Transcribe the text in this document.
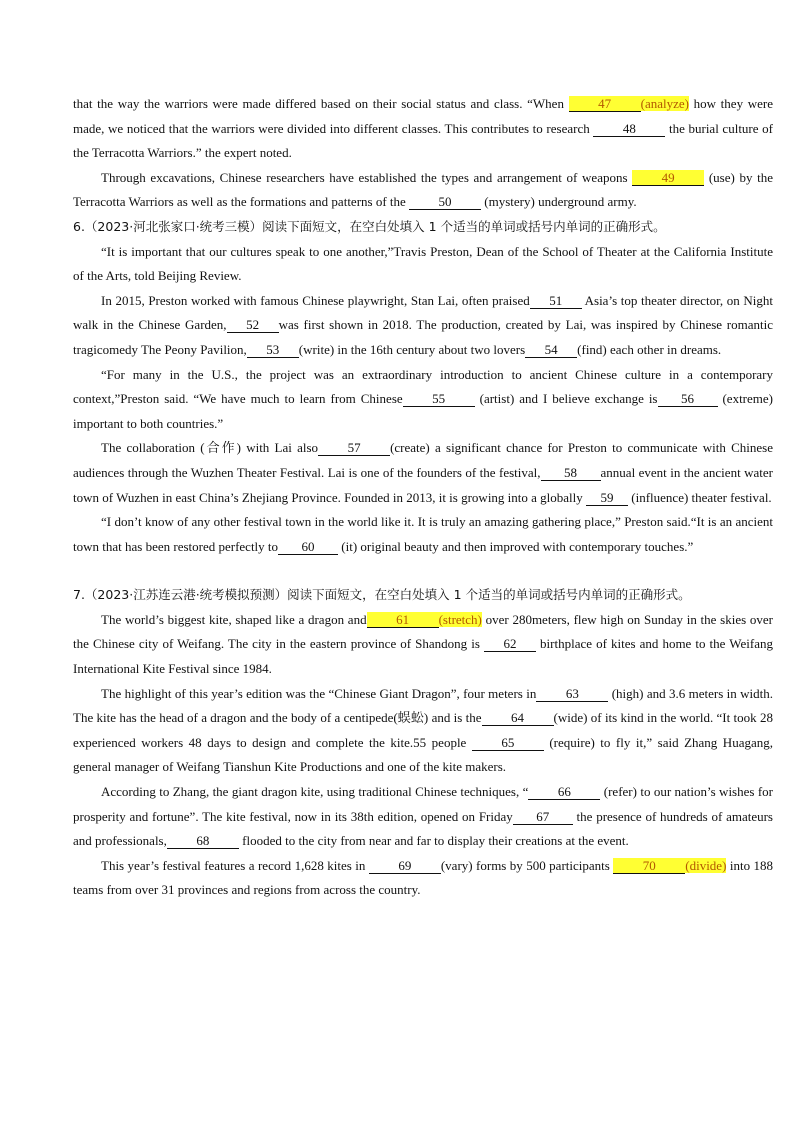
that the way the warriors were made differed based on their social status and class. “When 47 (analyze) how they were made, we noticed that the warriors were divided into different classes. This contributes to research 48 the burial culture of the Terracotta Warriors.” the expert noted.

Through excavations, Chinese researchers have established the types and arrangement of weapons 49 (use) by the Terracotta Warriors as well as the formations and patterns of the 50 (mystery) underground army.

6.（2023·河北张家口·统考三模）阅读下面短文，在空白处填入 1 个适当的单词或括号内单词的正确形式。

“It is important that our cultures speak to one another,”Travis Preston, Dean of the School of Theater at the California Institute of the Arts, told Beijing Review.

In 2015, Preston worked with famous Chinese playwright, Stan Lai, often praised 51 Asia’s top theater director, on Night walk in the Chinese Garden, 52 was first shown in 2018. The production, created by Lai, was inspired by Chinese romantic tragicomedy The Peony Pavilion, 53 (write) in the 16th century about two lovers 54 (find) each other in dreams.

“For many in the U.S., the project was an extraordinary introduction to ancient Chinese culture in a contemporary context,”Preston said. “We have much to learn from Chinese 55 (artist) and I believe exchange is 56 (extreme) important to both countries.”

The collaboration (合作) with Lai also 57 (create) a significant chance for Preston to communicate with Chinese audiences through the Wuzhen Theater Festival. Lai is one of the founders of the festival, 58 annual event in the ancient water town of Wuzhen in east China’s Zhejiang Province. Founded in 2013, it is growing into a globally 59 (influence) theater festival.

“I don’t know of any other festival town in the world like it. It is truly an amazing gathering place,” Preston said.“It is an ancient town that has been restored perfectly to 60 (it) original beauty and then improved with contemporary touches.”

7.（2023·江苏连云港·统考模拟预测）阅读下面短文，在空白处填入 1 个适当的单词或括号内单词的正确形式。

The world’s biggest kite, shaped like a dragon and 61 (stretch) over 280meters, flew high on Sunday in the skies over the Chinese city of Weifang. The city in the eastern province of Shandong is 62 birthplace of kites and home to the Weifang International Kite Festival since 1984.

The highlight of this year’s edition was the “Chinese Giant Dragon”, four meters in 63 (high) and 3.6 meters in width. The kite has the head of a dragon and the body of a centipede(蜈蚣) and is the 64 (wide) of its kind in the world. “It took 28 experienced workers 48 days to design and complete the kite.55 people 65 (require) to fly it,” said Zhang Huagang, general manager of Weifang Tianshun Kite Productions and one of the kite makers.

According to Zhang, the giant dragon kite, using traditional Chinese techniques, “ 66 (refer) to our nation’s wishes for prosperity and fortune”. The kite festival, now in its 38th edition, opened on Friday 67 the presence of hundreds of amateurs and professionals, 68 flooded to the city from near and far to display their creations at the event.

This year’s festival features a record 1,628 kites in 69 (vary) forms by 500 participants 70 (divide) into 188 teams from over 31 provinces and regions from across the country.
